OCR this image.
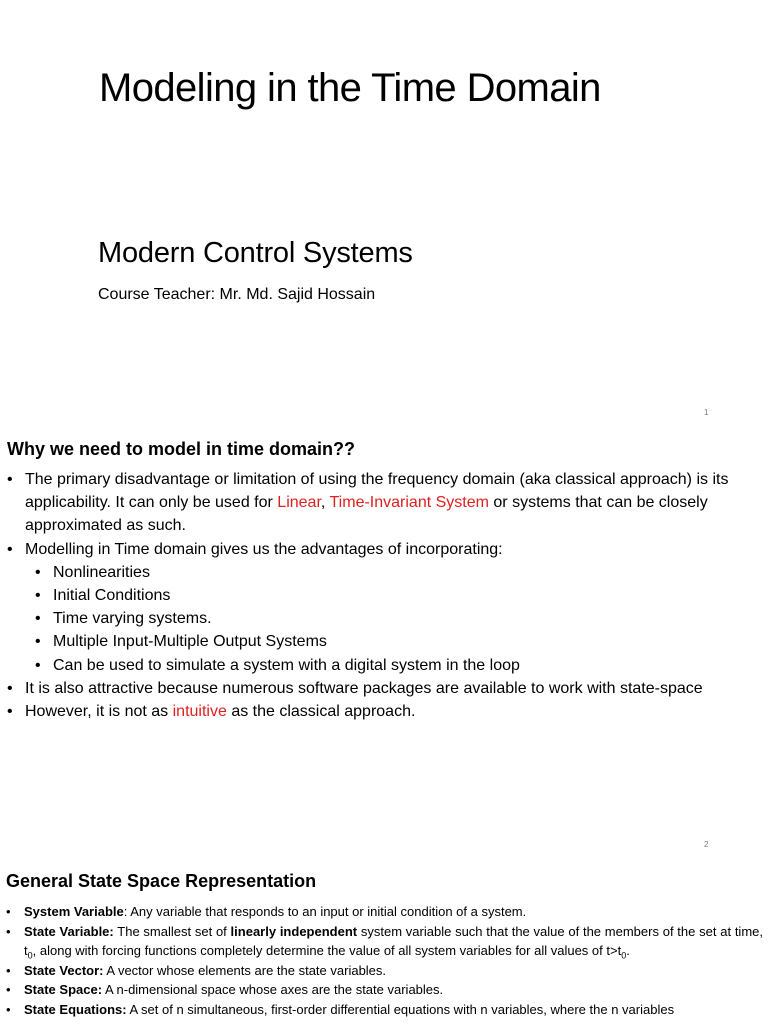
Modeling in the Time Domain
Modern Control Systems
Course Teacher: Mr. Md. Sajid Hossain
1
Why we need to model in time domain??
• The primary disadvantage or limitation of using the frequency domain (aka classical approach) is its applicability. It can only be used for Linear, Time-Invariant System or systems that can be closely approximated as such.
• Modelling in Time domain gives us the advantages of incorporating:
• Nonlinearities
• Initial Conditions
• Time varying systems.
• Multiple Input-Multiple Output Systems
• Can be used to simulate a system with a digital system in the loop
• It is also attractive because numerous software packages are available to work with state-space
• However, it is not as intuitive as the classical approach.
2
General State Space Representation
• System Variable: Any variable that responds to an input or initial condition of a system.
• State Variable: The smallest set of linearly independent system variable such that the value of the members of the set at time, $t_0$, along with forcing functions completely determine the value of all system variables for all values of $t>t_0$.
• State Vector: A vector whose elements are the state variables.
• State Space: A n-dimensional space whose axes are the state variables.
• State Equations: A set of n simultaneous, first-order differential equations with n variables, where the n variables
